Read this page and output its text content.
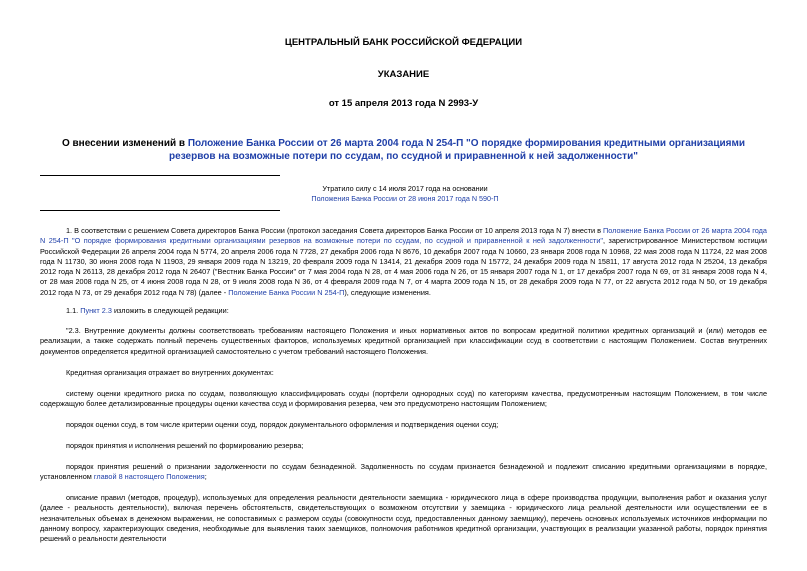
ЦЕНТРАЛЬНЫЙ БАНК РОССИЙСКОЙ ФЕДЕРАЦИИ
УКАЗАНИЕ
от 15 апреля 2013 года N 2993-У
О внесении изменений в Положение Банка России от 26 марта 2004 года N 254-П "О порядке формирования кредитными организациями резервов на возможные потери по ссудам, по ссудной и приравненной к ней задолженности"
Утратило силу с 14 июля 2017 года на основании
Положения Банка России от 28 июня 2017 года N 590-П
1. В соответствии с решением Совета директоров Банка России (протокол заседания Совета директоров Банка России от 10 апреля 2013 года N 7) внести в Положение Банка России от 26 марта 2004 года N 254-П "О порядке формирования кредитными организациями резервов на возможные потери по ссудам, по ссудной и приравненной к ней задолженности", зарегистрированное Министерством юстиции Российской Федерации 26 апреля 2004 года N 5774, 20 апреля 2006 года N 7728, 27 декабря 2006 года N 8676, 10 декабря 2007 года N 10660, 23 января 2008 года N 10968, 22 мая 2008 года N 11724, 22 мая 2008 года N 11730, 30 июня 2008 года N 11903, 29 января 2009 года N 13219, 20 февраля 2009 года N 13414, 21 декабря 2009 года N 15772, 24 декабря 2009 года N 15811, 17 августа 2012 года N 25204, 13 декабря 2012 года N 26113, 28 декабря 2012 года N 26407 ("Вестник Банка России" от 7 мая 2004 года N 28, от 4 мая 2006 года N 26, от 15 января 2007 года N 1, от 17 декабря 2007 года N 69, от 31 января 2008 года N 4, от 28 мая 2008 года N 25, от 4 июня 2008 года N 28, от 9 июля 2008 года N 36, от 4 февраля 2009 года N 7, от 4 марта 2009 года N 15, от 28 декабря 2009 года N 77, от 22 августа 2012 года N 50, от 19 декабря 2012 года N 73, от 29 декабря 2012 года N 78) (далее - Положение Банка России N 254-П), следующие изменения.
1.1. Пункт 2.3 изложить в следующей редакции:
"2.3. Внутренние документы должны соответствовать требованиям настоящего Положения и иных нормативных актов по вопросам кредитной политики кредитных организаций и (или) методов ее реализации, а также содержать полный перечень существенных факторов, используемых кредитной организацией при классификации ссуд в соответствии с настоящим Положением. Состав внутренних документов определяется кредитной организацией самостоятельно с учетом требований настоящего Положения.
Кредитная организация отражает во внутренних документах:
систему оценки кредитного риска по ссудам, позволяющую классифицировать ссуды (портфели однородных ссуд) по категориям качества, предусмотренным настоящим Положением, в том числе содержащую более детализированные процедуры оценки качества ссуд и формирования резерва, чем это предусмотрено настоящим Положением;
порядок оценки ссуд, в том числе критерии оценки ссуд, порядок документального оформления и подтверждения оценки ссуд;
порядок принятия и исполнения решений по формированию резерва;
порядок принятия решений о признании задолженности по ссудам безнадежной. Задолженность по ссудам признается безнадежной и подлежит списанию кредитными организациями в порядке, установленном главой 8 настоящего Положения;
описание правил (методов, процедур), используемых для определения реальности деятельности заемщика - юридического лица в сфере производства продукции, выполнения работ и оказания услуг (далее - реальность деятельности), включая перечень обстоятельств, свидетельствующих о возможном отсутствии у заемщика - юридического лица реальной деятельности или осуществлении ее в незначительных объемах в денежном выражении, не сопоставимых с размером ссуды (совокупности ссуд, предоставленных данному заемщику), перечень основных используемых источников информации по данному вопросу, характеризующих сведения, необходимые для выявления таких заемщиков, полномочия работников кредитной организации, участвующих в реализации указанной работы, порядок принятия решений о реальности деятельности
